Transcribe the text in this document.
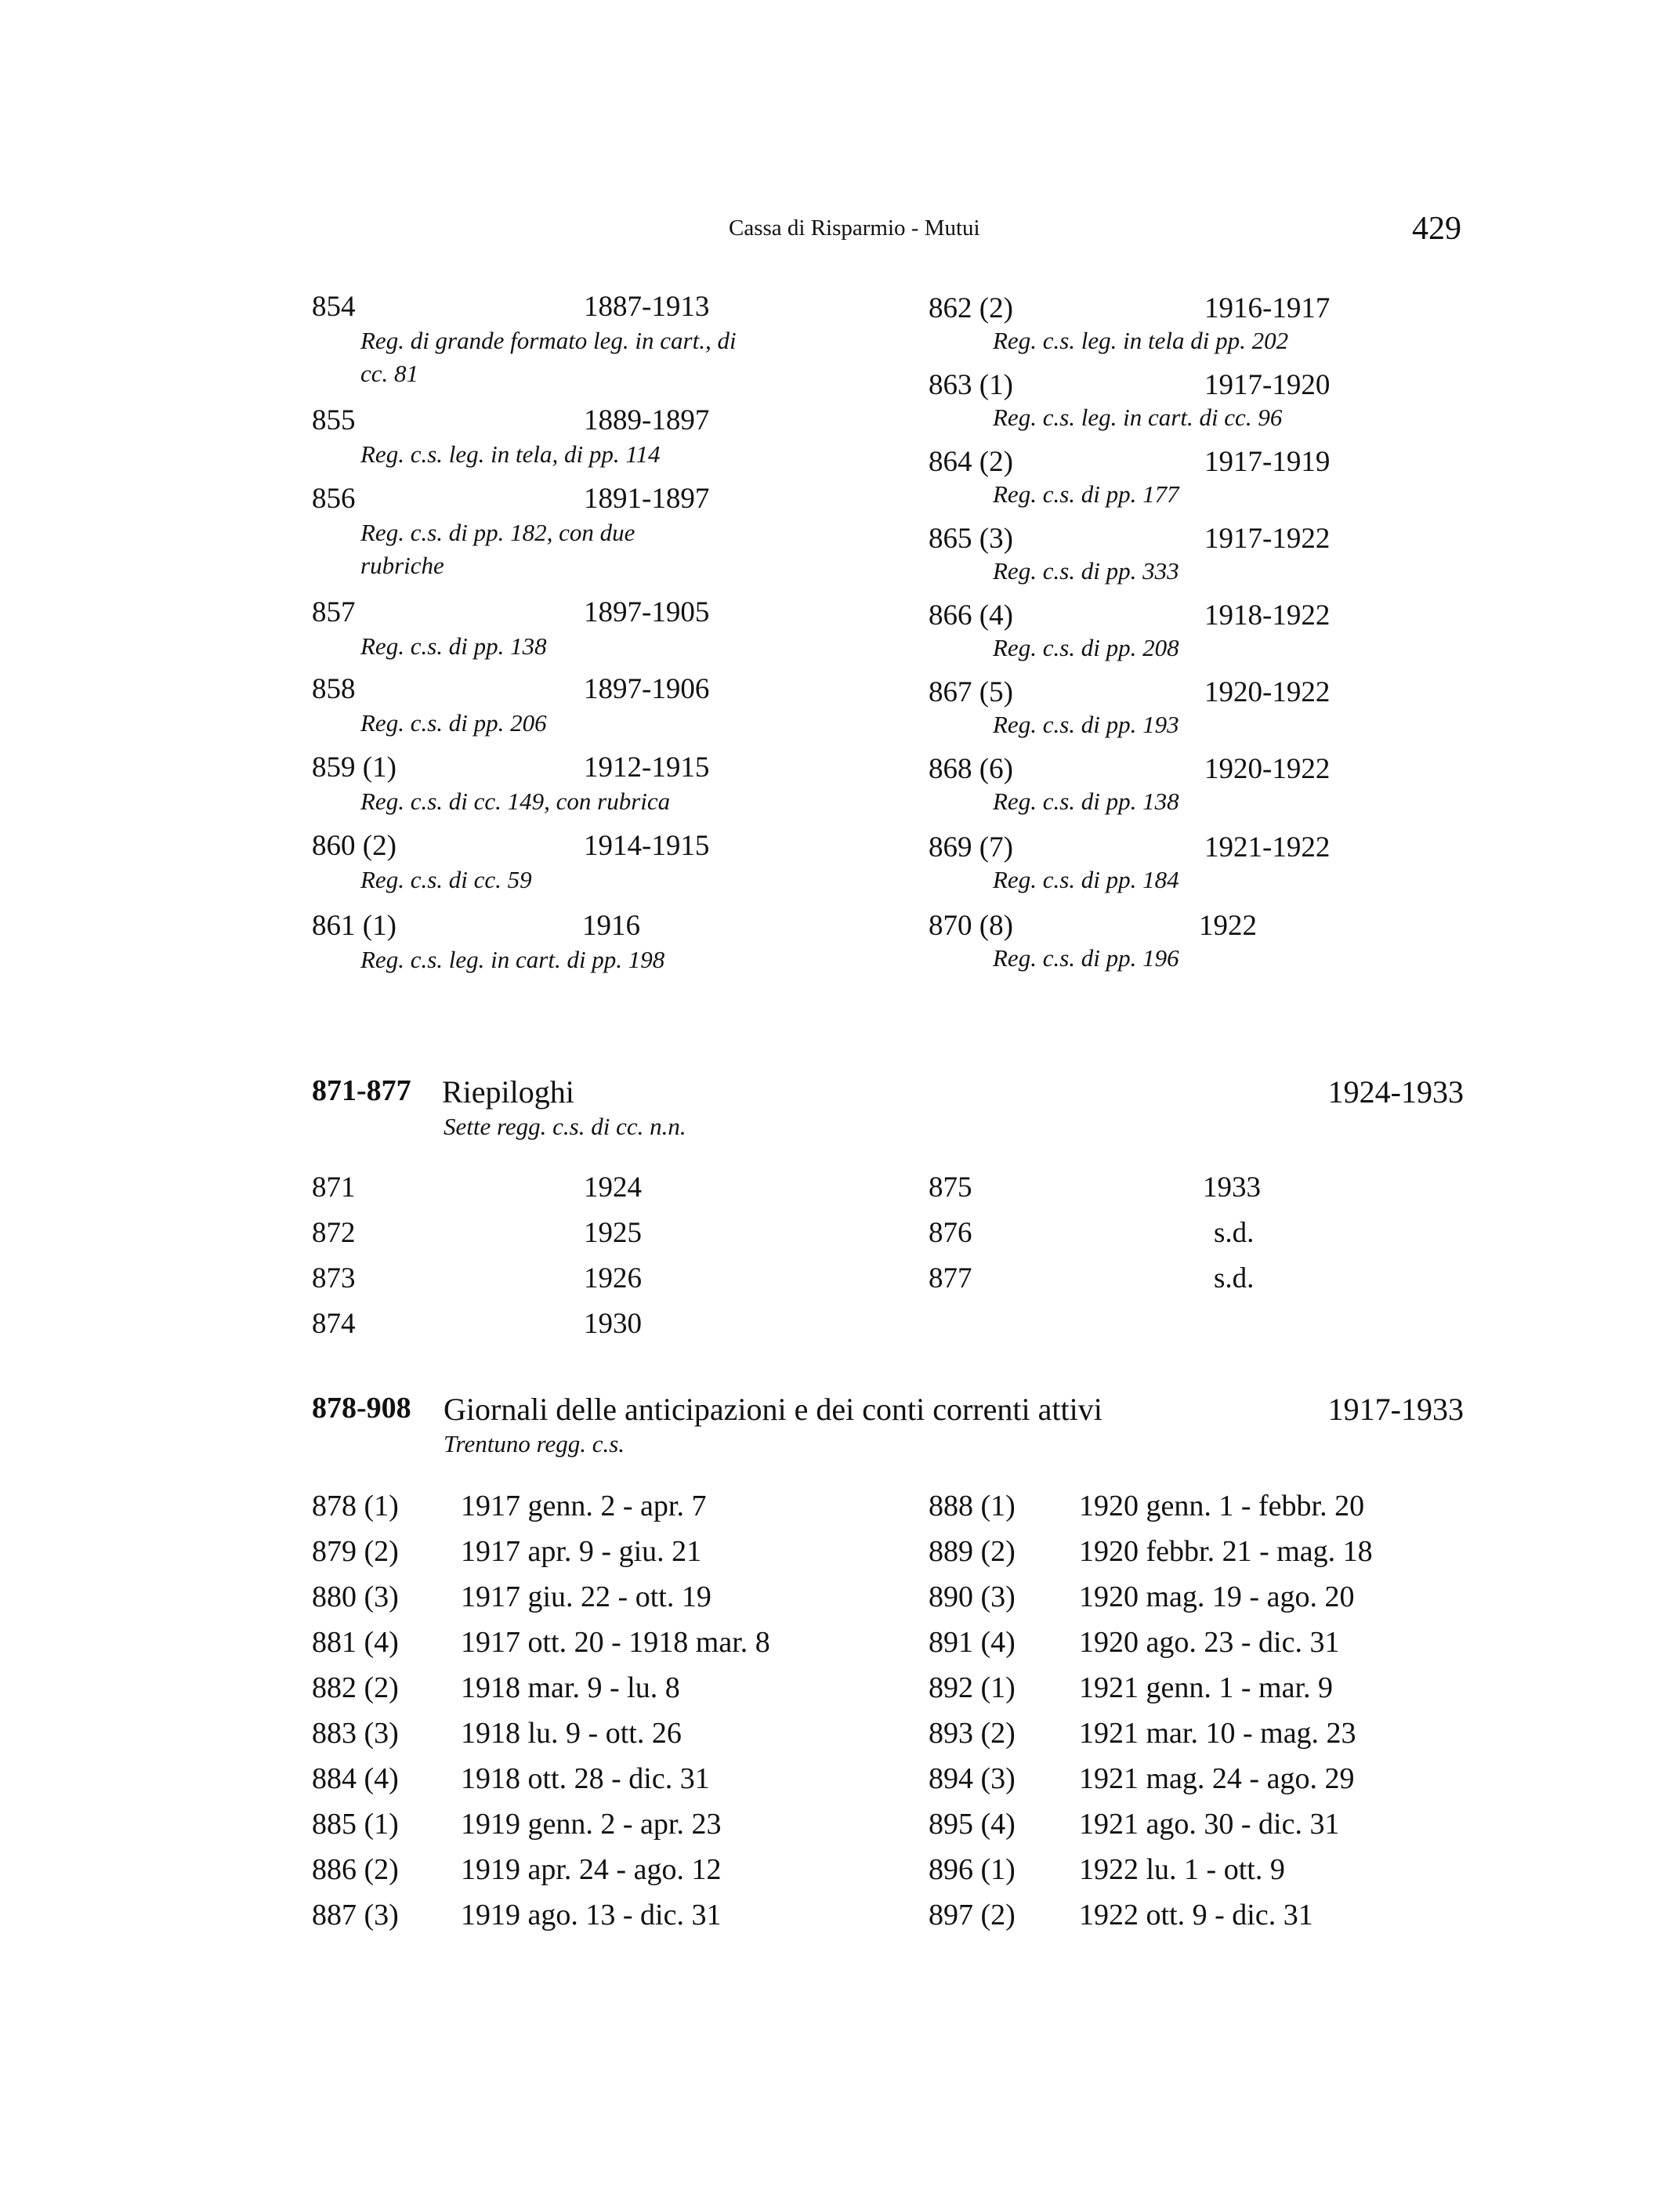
Cassa di Risparmio - Mutui	429
854	1887-1913
Reg. di grande formato leg. in cart., di cc. 81
855	1889-1897
Reg. c.s. leg. in tela, di pp. 114
856	1891-1897
Reg. c.s. di pp. 182, con due rubriche
857	1897-1905
Reg. c.s. di pp. 138
858	1897-1906
Reg. c.s. di pp. 206
859 (1)	1912-1915
Reg. c.s. di cc. 149, con rubrica
860 (2)	1914-1915
Reg. c.s. di cc. 59
861 (1)	1916
Reg. c.s. leg. in cart. di pp. 198
862 (2)	1916-1917
Reg. c.s. leg. in tela di pp. 202
863 (1)	1917-1920
Reg. c.s. leg. in cart. di cc. 96
864 (2)	1917-1919
Reg. c.s. di pp. 177
865 (3)	1917-1922
Reg. c.s. di pp. 333
866 (4)	1918-1922
Reg. c.s. di pp. 208
867 (5)	1920-1922
Reg. c.s. di pp. 193
868 (6)	1920-1922
Reg. c.s. di pp. 138
869 (7)	1921-1922
Reg. c.s. di pp. 184
870 (8)	1922
Reg. c.s. di pp. 196
871-877 Riepiloghi	1924-1933
Sette regg. c.s. di cc. n.n.
871	1924
872	1925
873	1926
874	1930
875	1933
876	s.d.
877	s.d.
878-908 Giornali delle anticipazioni e dei conti correnti attivi	1917-1933
Trentuno regg. c.s.
878 (1) 1917 genn. 2 - apr. 7
879 (2) 1917 apr. 9 - giu. 21
880 (3) 1917 giu. 22 - ott. 19
881 (4) 1917 ott. 20 - 1918 mar. 8
882 (2) 1918 mar. 9 - lu. 8
883 (3) 1918 lu. 9 - ott. 26
884 (4) 1918 ott. 28 - dic. 31
885 (1) 1919 genn. 2 - apr. 23
886 (2) 1919 apr. 24 - ago. 12
887 (3) 1919 ago. 13 - dic. 31
888 (1) 1920 genn. 1 - febbr. 20
889 (2) 1920 febbr. 21 - mag. 18
890 (3) 1920 mag. 19 - ago. 20
891 (4) 1920 ago. 23 - dic. 31
892 (1) 1921 genn. 1 - mar. 9
893 (2) 1921 mar. 10 - mag. 23
894 (3) 1921 mag. 24 - ago. 29
895 (4) 1921 ago. 30 - dic. 31
896 (1) 1922 lu. 1 - ott. 9
897 (2) 1922 ott. 9 - dic. 31
